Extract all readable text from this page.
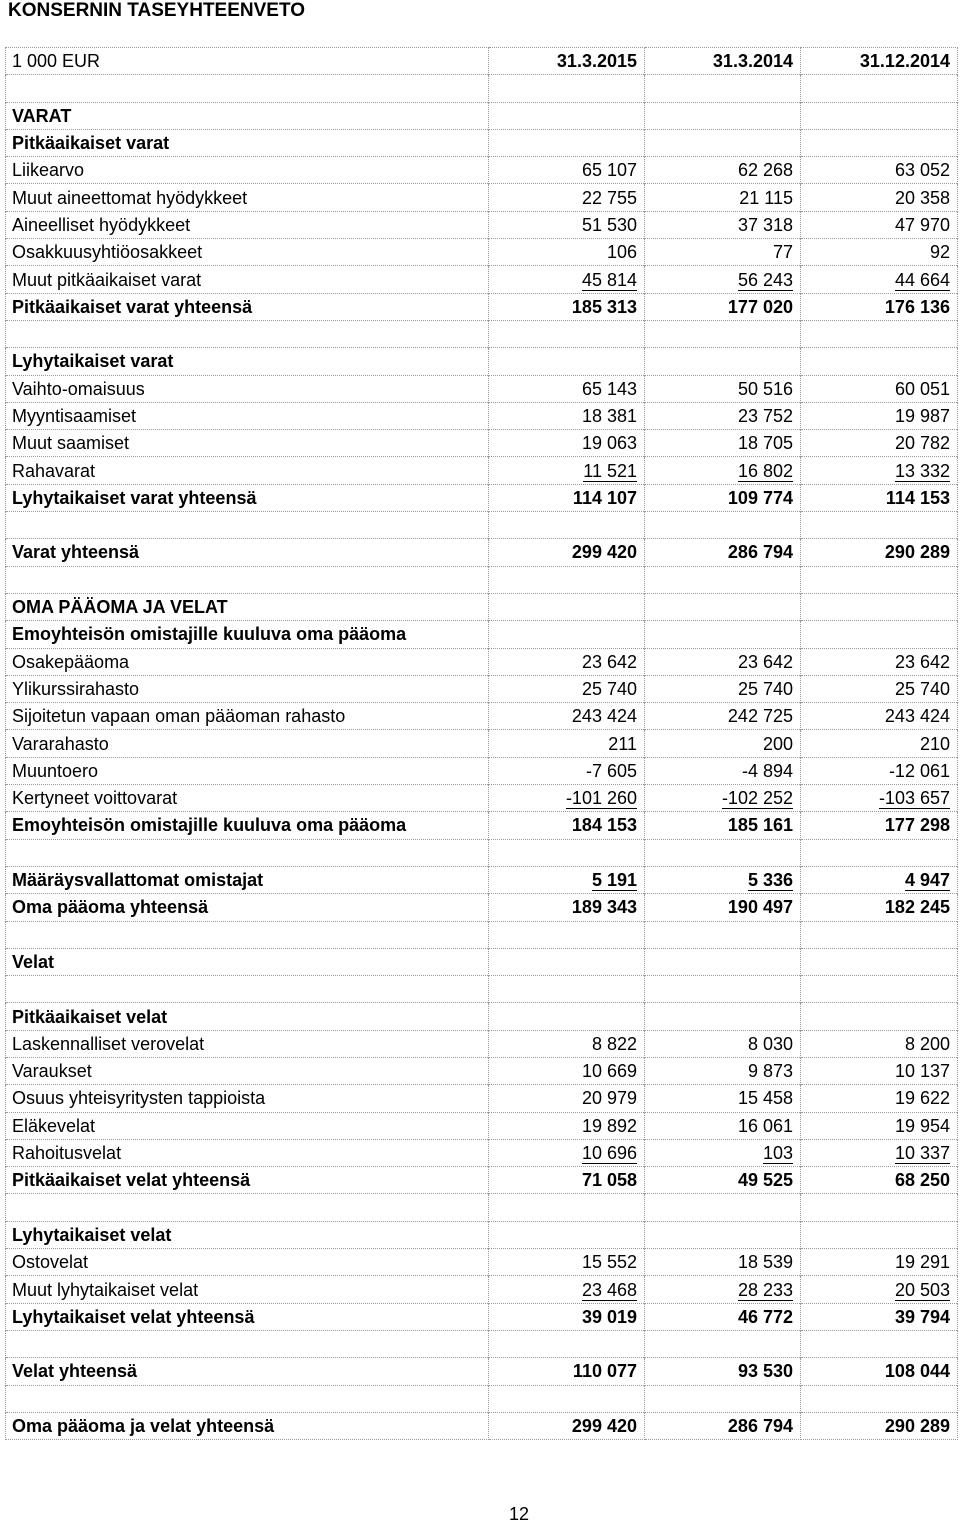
KONSERNIN TASEYHTEENVETO
1 000 EUR	31.3.2015	31.3.2014	31.12.2014

VARAT			
Pitkäaikaiset varat			
Liikearvo	65 107	62 268	63 052
Muut aineettomat hyödykkeet	22 755	21 115	20 358
Aineelliset hyödykkeet	51 530	37 318	47 970
Osakkuusyhtiöosakkeet	106	77	92
Muut pitkäaikaiset varat	45 814	56 243	44 664
Pitkäaikaiset varat yhteensä	185 313	177 020	176 136

Lyhytaikaiset varat			
Vaihto-omaisuus	65 143	50 516	60 051
Myyntisaamiset	18 381	23 752	19 987
Muut saamiset	19 063	18 705	20 782
Rahavarat	11 521	16 802	13 332
Lyhytaikaiset varat yhteensä	114 107	109 774	114 153

Varat yhteensä	299 420	286 794	290 289

OMA PÄÄOMA JA VELAT			
Emoyhteisön omistajille kuuluva oma pääoma			
Osakepääoma	23 642	23 642	23 642
Ylikurssirahasto	25 740	25 740	25 740
Sijoitetun vapaan oman pääoman rahasto	243 424	242 725	243 424
Vararahasto	211	200	210
Muuntoero	-7 605	-4 894	-12 061
Kertyneet voittovarat	-101 260	-102 252	-103 657
Emoyhteisön omistajille kuuluva oma pääoma	184 153	185 161	177 298

Määräysvallattomat omistajat	5 191	5 336	4 947
Oma pääoma yhteensä	189 343	190 497	182 245

Velat			

Pitkäaikaiset velat			
Laskennalliset verovelat	8 822	8 030	8 200
Varaukset	10 669	9 873	10 137
Osuus yhteisyritysten tappioista	20 979	15 458	19 622
Eläkevelat	19 892	16 061	19 954
Rahoitusvelat	10 696	103	10 337
Pitkäaikaiset velat yhteensä	71 058	49 525	68 250

Lyhytaikaiset velat			
Ostovelat	15 552	18 539	19 291
Muut lyhytaikaiset velat	23 468	28 233	20 503
Lyhytaikaiset velat yhteensä	39 019	46 772	39 794

Velat yhteensä	110 077	93 530	108 044

Oma pääoma ja velat yhteensä	299 420	286 794	290 289
12
